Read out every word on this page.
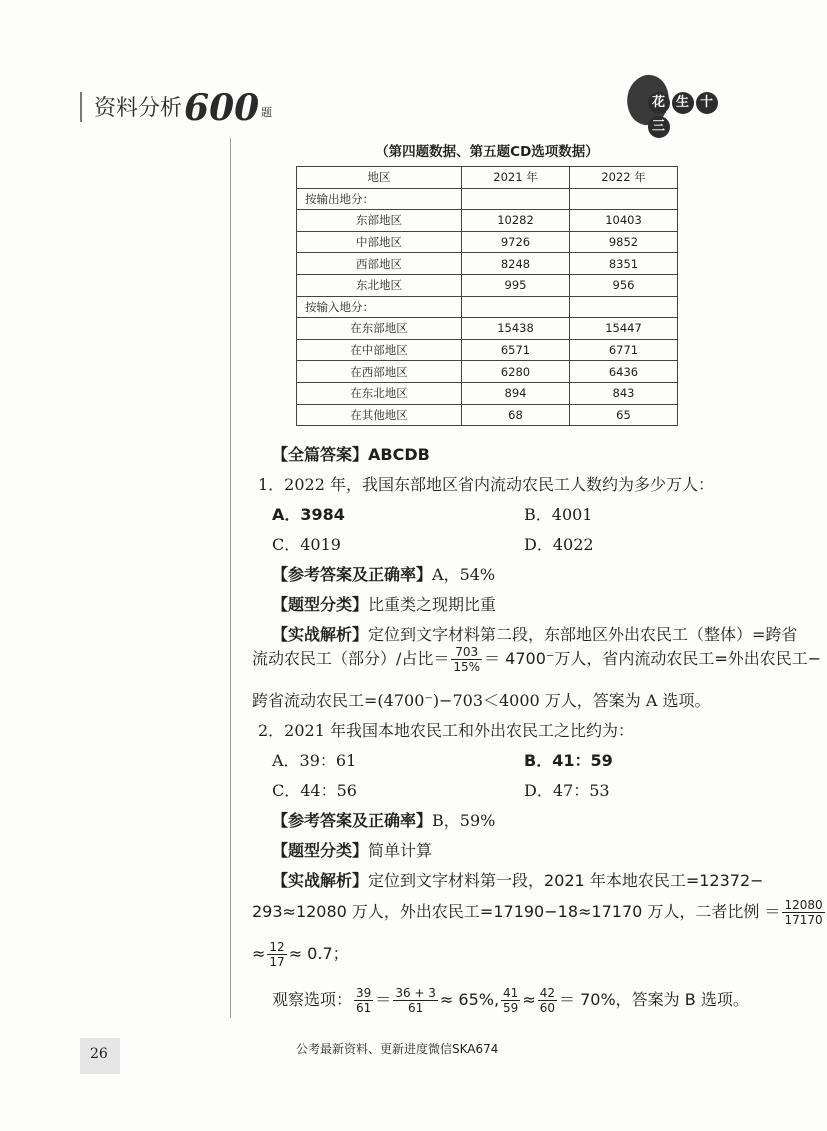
资料分析 600 题
花 生 十三
（第四题数据、第五题CD选项数据）
地区	2021 年	2022 年
按输出地分：		
东部地区	10282	10403
中部地区	9726	9852
西部地区	8248	8351
东北地区	995	956
按输入地分：		
在东部地区	15438	15447
在中部地区	6571	6771
在西部地区	6280	6436
在东北地区	894	843
在其他地区	68	65
【全篇答案】ABCDB
1．2022 年，我国东部地区省内流动农民工人数约为多少万人：
A．3984	B．4001
C．4019	D．4022
【参考答案及正确率】A，54%
【题型分类】比重类之现期比重
【实战解析】定位到文字材料第二段，东部地区外出农民工（整体）=跨省
流动农民工（部分）/占比＝ $\frac{703}{15\%} = 4700^-$万人，省内流动农民工=外出农民工−
跨省流动农民工=(4700⁻)−703＜4000 万人，答案为 A 选项。
2．2021 年我国本地农民工和外出农民工之比约为：
A．39：61	B．41：59
C．44：56	D．47：53
【参考答案及正确率】B，59%
【题型分类】简单计算
【实战解析】定位到文字材料第一段，2021 年本地农民工=12372−
293≈12080 万人，外出农民工=17190−18≈17170 万人，二者比例 ＝ $\frac{12080}{17170}$
≈ $\frac{12}{17} \approx 0.7$；
观察选项： $\frac{39}{61} = \frac{36 + 3}{61} \approx 65\%$, $\frac{41}{59} \approx \frac{42}{60} = 70\%$，答案为 B 选项。
26	公考最新资料、更新进度微信SKA674
